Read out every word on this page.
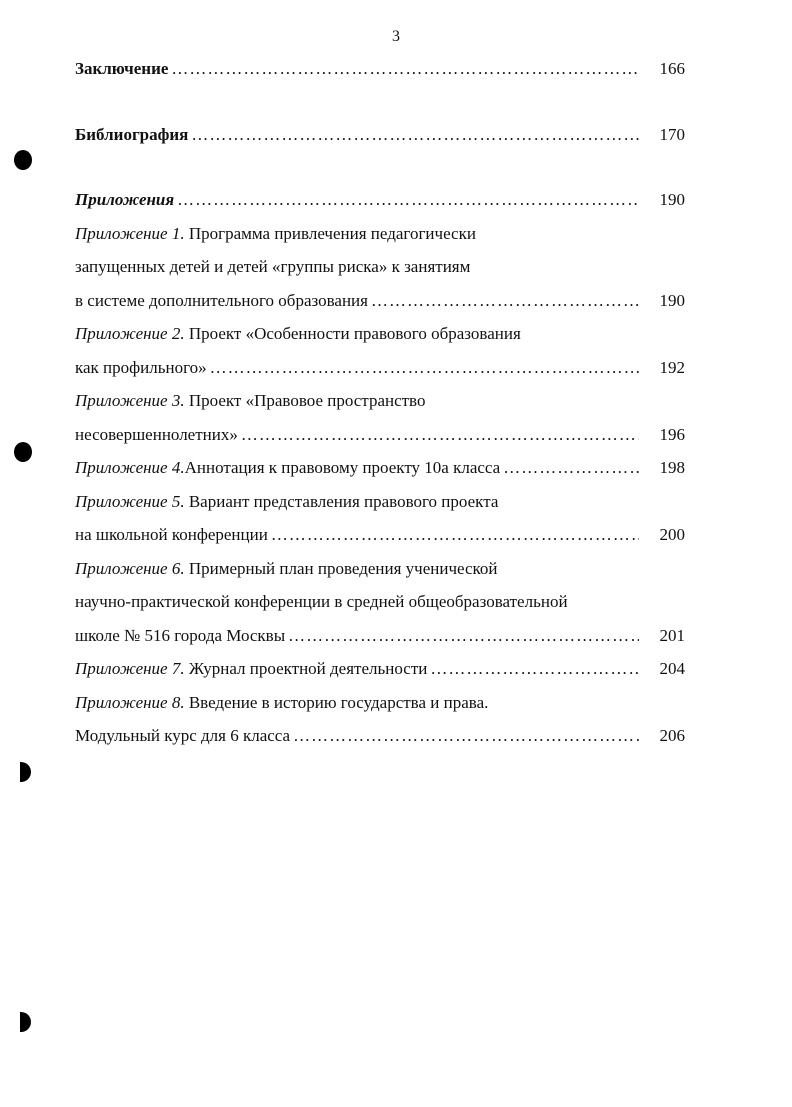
3
Заключение …………………………………………………………………………………………………………………………………………………………………………	166
Библиография …………………………………………………………………………………………………………………………………………………………………………	170
Приложения …………………………………………………………………………………………………………………………………………………………………………	190
Приложение 1. Программа привлечения педагогически
запущенных детей и детей «группы риска» к занятиям
в системе дополнительного образования …………………………………………………………………………………………………………………………………………………………………………	190
Приложение 2. Проект «Особенности правового образования
как профильного» …………………………………………………………………………………………………………………………………………………………………………	192
Приложение 3. Проект «Правовое пространство
несовершеннолетних» …………………………………………………………………………………………………………………………………………………………………………	196
Приложение 4.Аннотация к правовому проекту 10а класса …………………………………………………………………………………………………………………………………………………………………………	198
Приложение 5. Вариант представления правового проекта
на школьной конференции …………………………………………………………………………………………………………………………………………………………………………	200
Приложение 6. Примерный план проведения ученической
научно-практической конференции в средней общеобразовательной
школе № 516 города Москвы …………………………………………………………………………………………………………………………………………………………………………	201
Приложение 7. Журнал проектной деятельности …………………………………………………………………………………………………………………………………………………………………………	204
Приложение 8. Введение в историю государства и права.
Модульный курс для 6 класса …………………………………………………………………………………………………………………………………………………………………………	206
